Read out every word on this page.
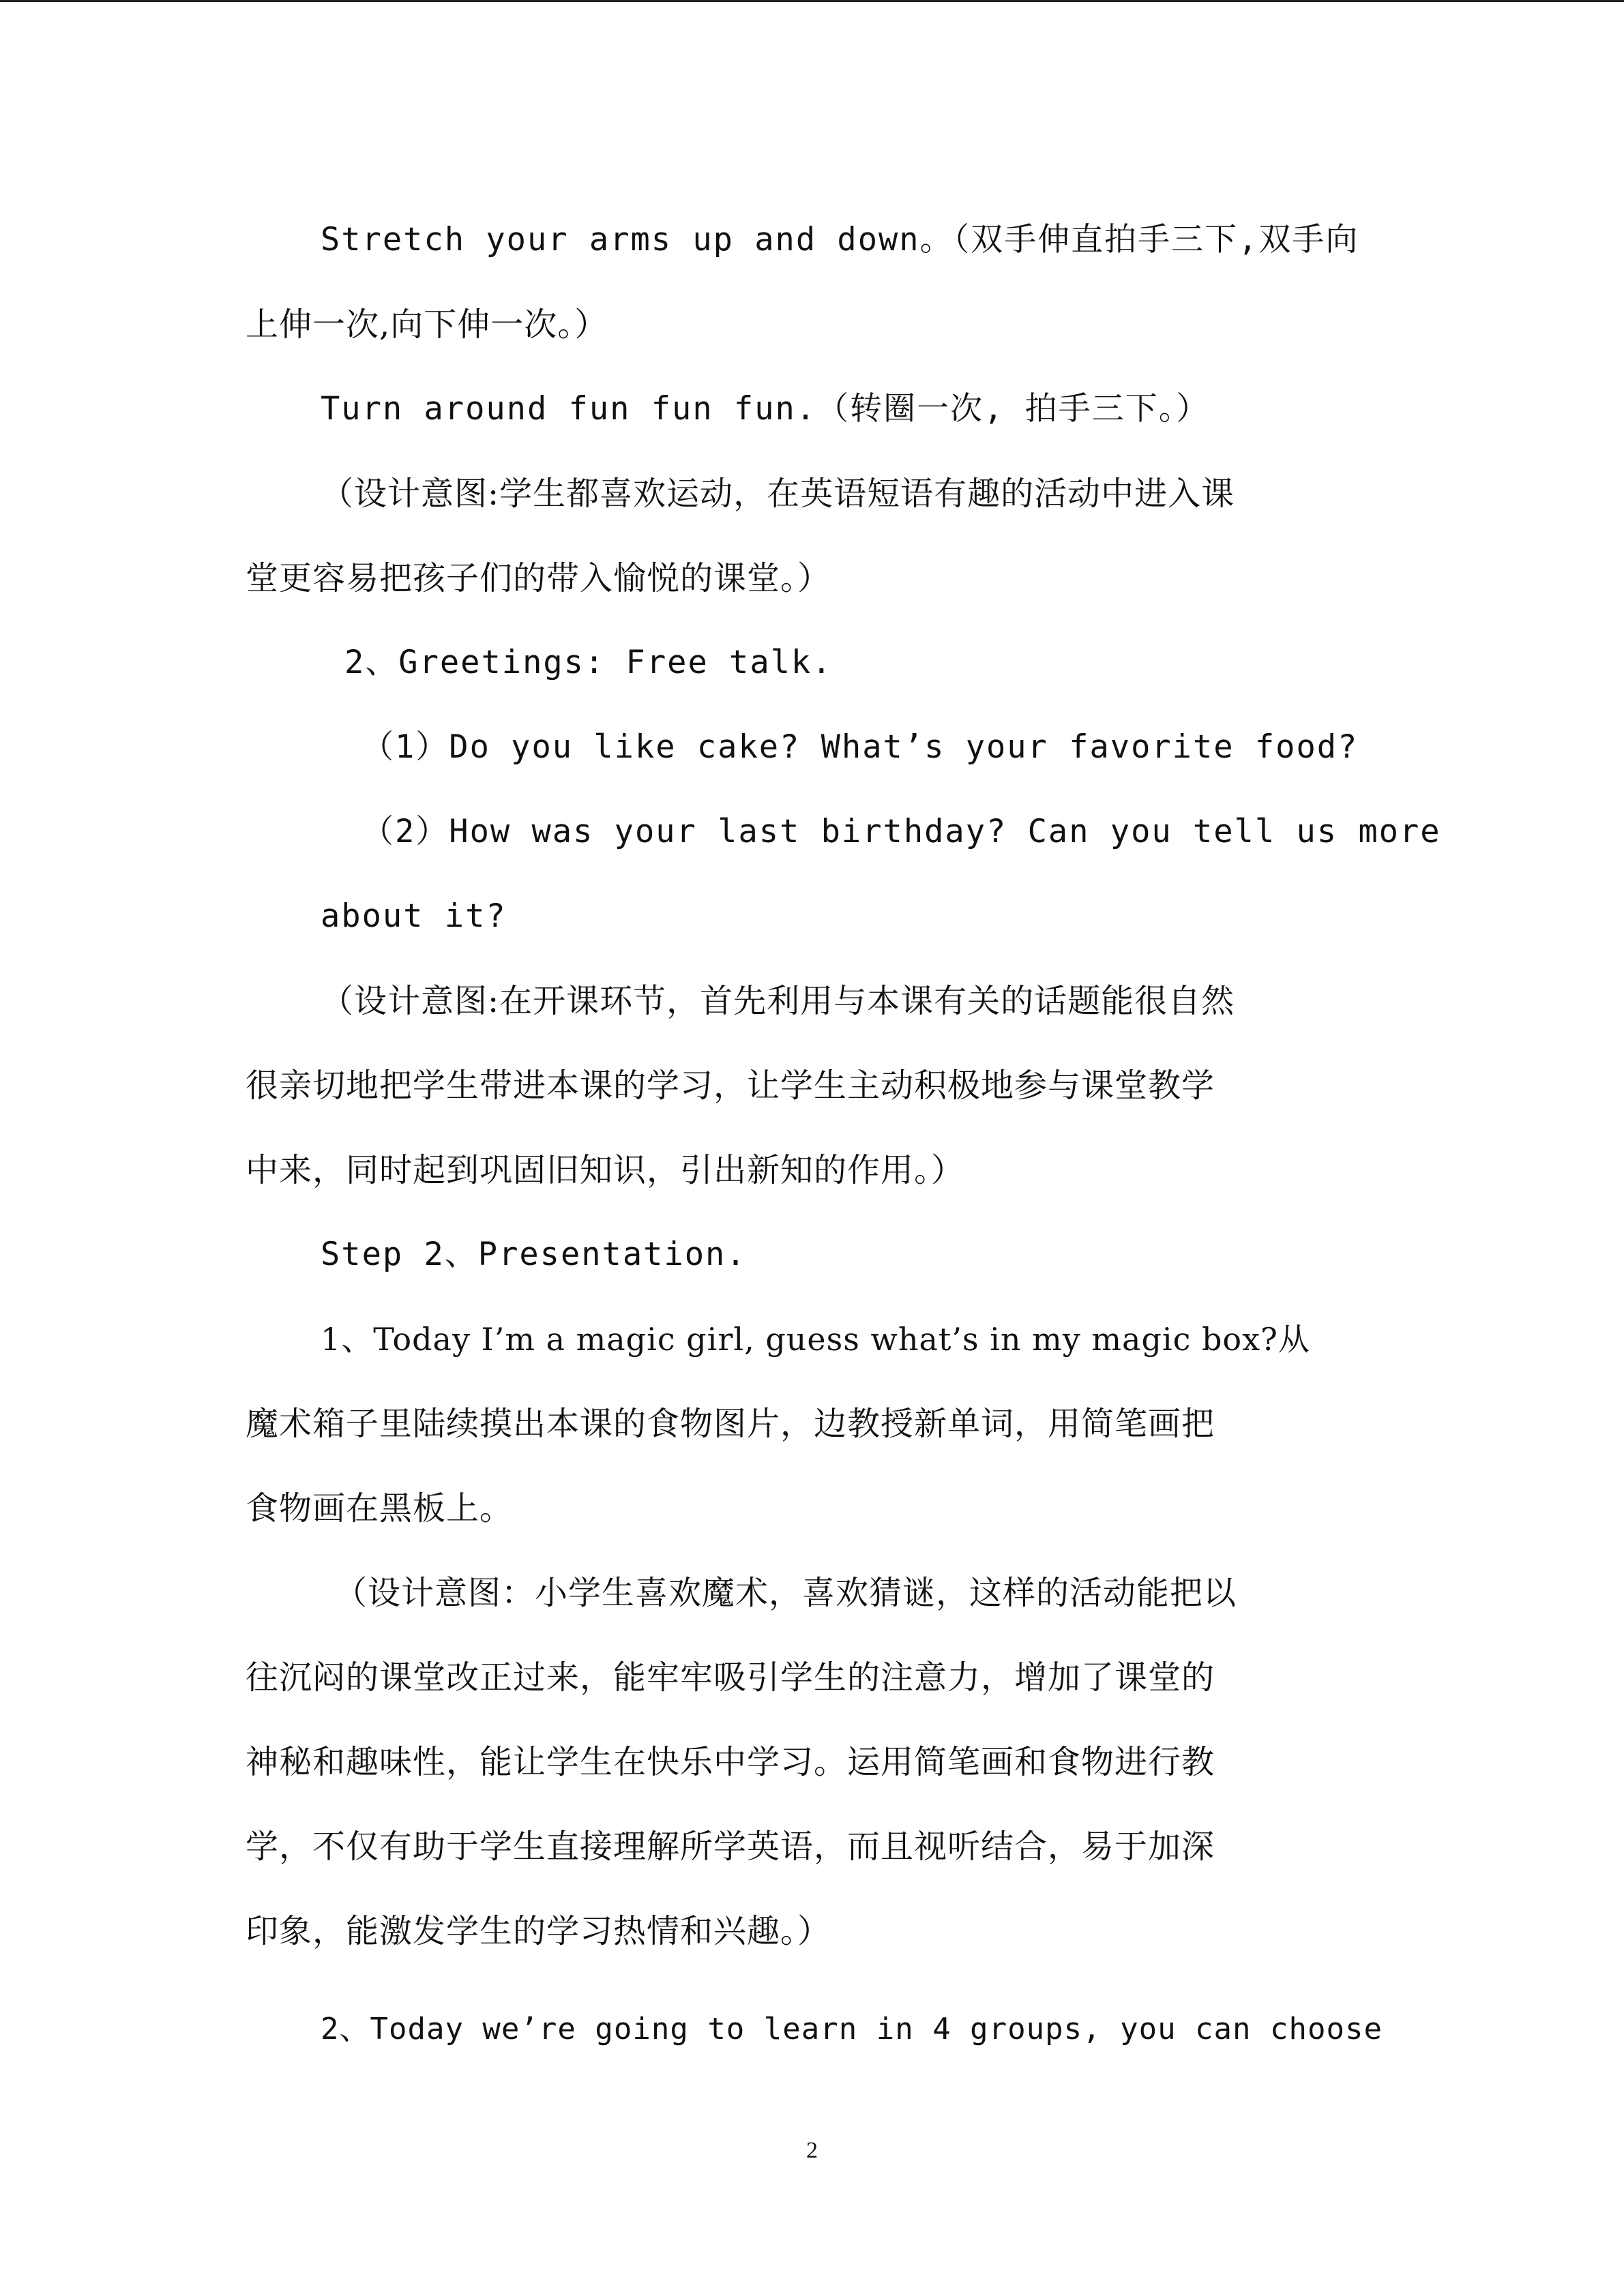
Stretch your arms up and down。（双手伸直拍手三下,双手向
上伸一次,向下伸一次。）
Turn around fun fun fun.（转圈一次, 拍手三下。）
（设计意图:学生都喜欢运动，在英语短语有趣的活动中进入课
堂更容易把孩子们的带入愉悦的课堂。）
2、Greetings: Free talk.
（1）Do you like cake? What’s your favorite food?
（2）How was your last birthday? Can you tell us more
about it?
（设计意图:在开课环节，首先利用与本课有关的话题能很自然
很亲切地把学生带进本课的学习，让学生主动积极地参与课堂教学
中来，同时起到巩固旧知识，引出新知的作用。）
Step 2、Presentation.
1、Today I’m a magic girl, guess what’s in my magic box?从
魔术箱子里陆续摸出本课的食物图片，边教授新单词，用简笔画把
食物画在黑板上。
（设计意图：小学生喜欢魔术，喜欢猜谜，这样的活动能把以
往沉闷的课堂改正过来，能牢牢吸引学生的注意力，增加了课堂的
神秘和趣味性，能让学生在快乐中学习。运用简笔画和食物进行教
学，不仅有助于学生直接理解所学英语，而且视听结合，易于加深
印象，能激发学生的学习热情和兴趣。）
2、Today we’re going to learn in 4 groups, you can choose
2
